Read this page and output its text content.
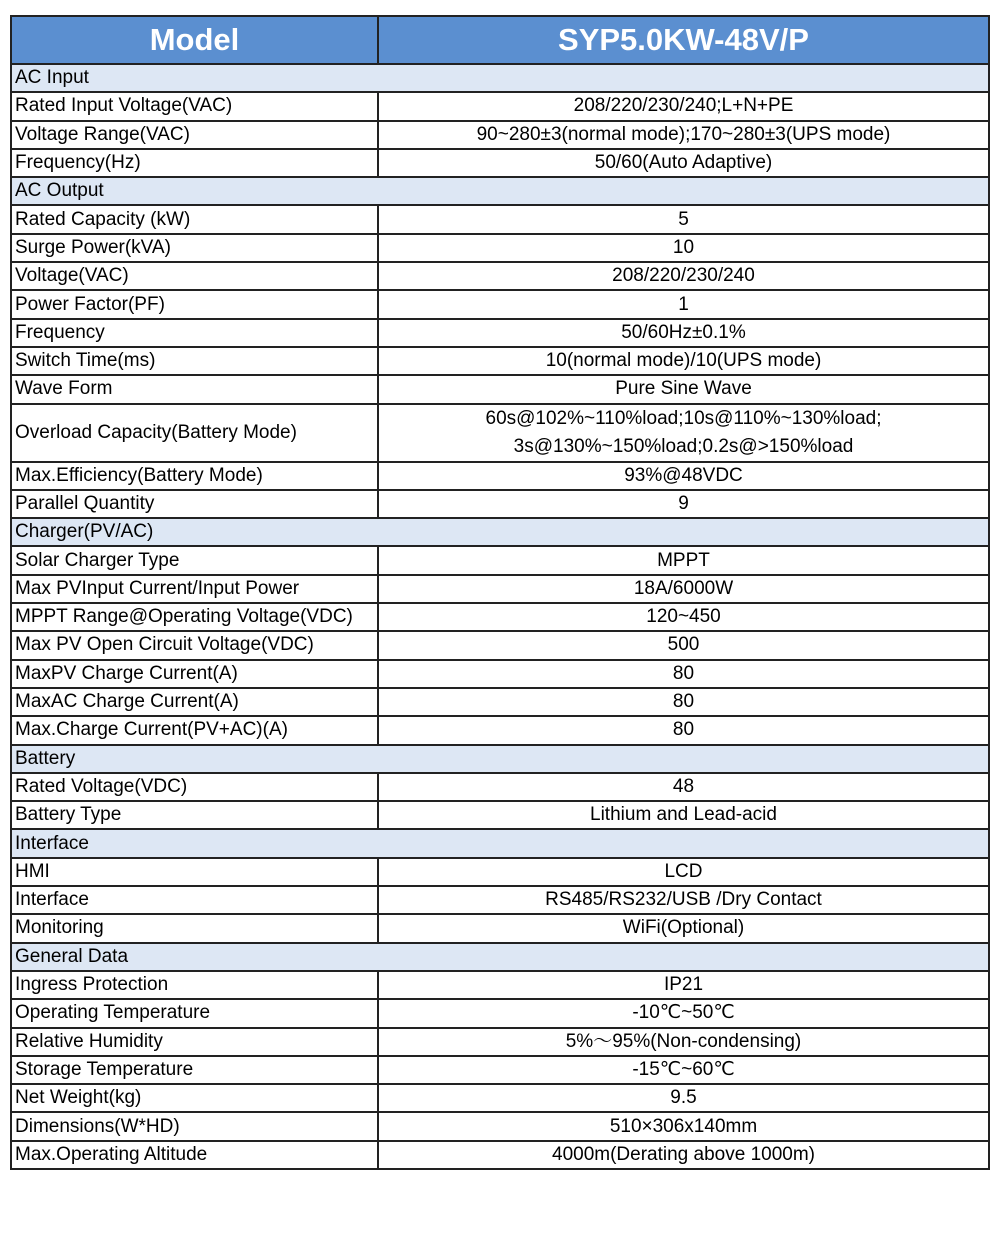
Model	SYP5.0KW-48V/P
AC Input	
Rated Input Voltage(VAC)	208/220/230/240;L+N+PE
Voltage Range(VAC)	90~280±3(normal mode);170~280±3(UPS mode)
Frequency(Hz)	50/60(Auto Adaptive)
AC Output	
Rated Capacity (kW)	5
Surge Power(kVA)	10
Voltage(VAC)	208/220/230/240
Power Factor(PF)	1
Frequency	50/60Hz±0.1%
Switch Time(ms)	10(normal mode)/10(UPS mode)
Wave Form	Pure Sine Wave
Overload Capacity(Battery Mode)	60s@102%~110%load;10s@110%~130%load;
3s@130%~150%load;0.2s@>150%load

Max.Efficiency(Battery Mode)	93%@48VDC
Parallel Quantity	9
Charger(PV/AC)	
Solar Charger Type	MPPT
Max PVInput Current/Input Power	18A/6000W
MPPT Range@Operating Voltage(VDC)	120~450
Max PV Open Circuit Voltage(VDC)	500
MaxPV Charge Current(A)	80
MaxAC Charge Current(A)	80
Max.Charge Current(PV+AC)(A)	80
Battery	
Rated Voltage(VDC)	48
Battery Type	Lithium and Lead-acid
Interface	
HMI	LCD
Interface	RS485/RS232/USB /Dry Contact
Monitoring	WiFi(Optional)
General Data	
Ingress Protection	IP21
Operating Temperature	-10℃~50℃
Relative Humidity	5%～95%(Non-condensing)
Storage Temperature	-15℃~60℃
Net Weight(kg)	9.5
Dimensions(W*HD)	510×306x140mm
Max.Operating Altitude	4000m(Derating above 1000m)
